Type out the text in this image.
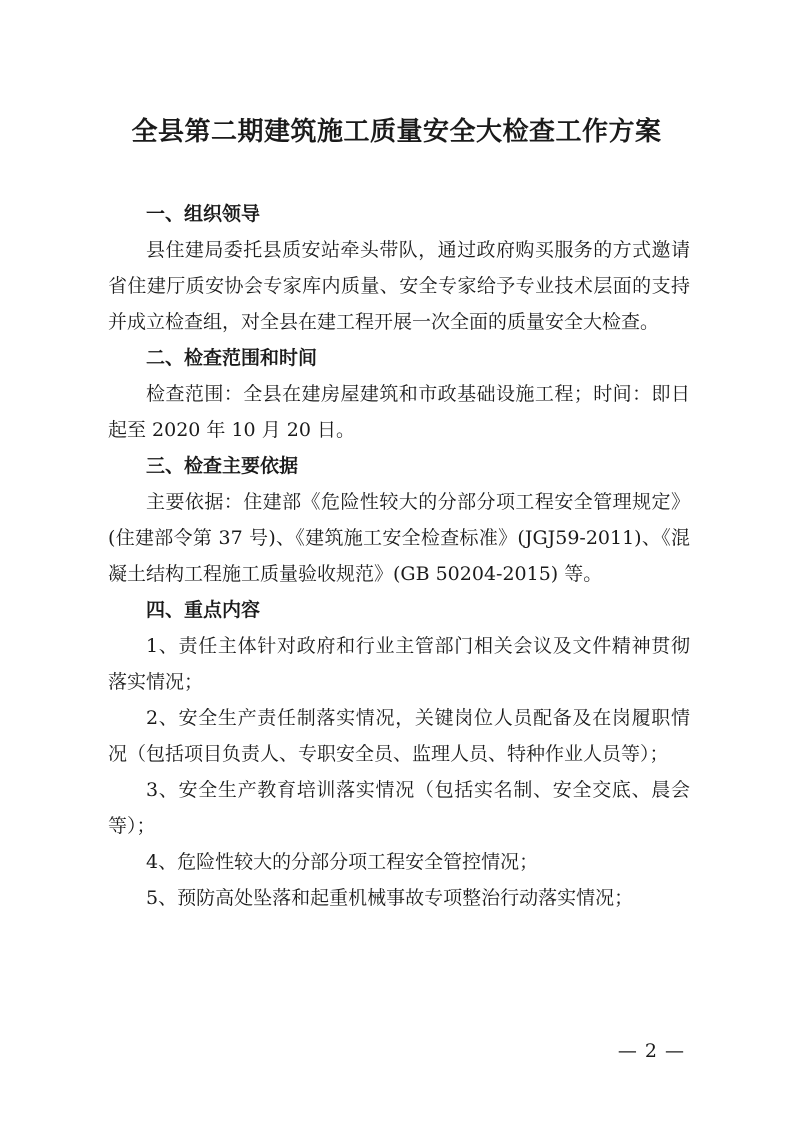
全县第二期建筑施工质量安全大检查工作方案

一、组织领导

县住建局委托县质安站牵头带队，通过政府购买服务的方式邀请省住建厅质安协会专家库内质量、安全专家给予专业技术层面的支持并成立检查组，对全县在建工程开展一次全面的质量安全大检查。

二、检查范围和时间

检查范围：全县在建房屋建筑和市政基础设施工程；时间：即日起至 2020 年 10 月 20 日。

三、检查主要依据

主要依据：住建部《危险性较大的分部分项工程安全管理规定》(住建部令第 37 号)、《建筑施工安全检查标准》(JGJ59-2011)、《混凝土结构工程施工质量验收规范》(GB 50204-2015) 等。

四、重点内容

1、责任主体针对政府和行业主管部门相关会议及文件精神贯彻落实情况；

2、安全生产责任制落实情况，关键岗位人员配备及在岗履职情况（包括项目负责人、专职安全员、监理人员、特种作业人员等）；

3、安全生产教育培训落实情况（包括实名制、安全交底、晨会等）；

4、危险性较大的分部分项工程安全管控情况；

5、预防高处坠落和起重机械事故专项整治行动落实情况；

— 2 —
